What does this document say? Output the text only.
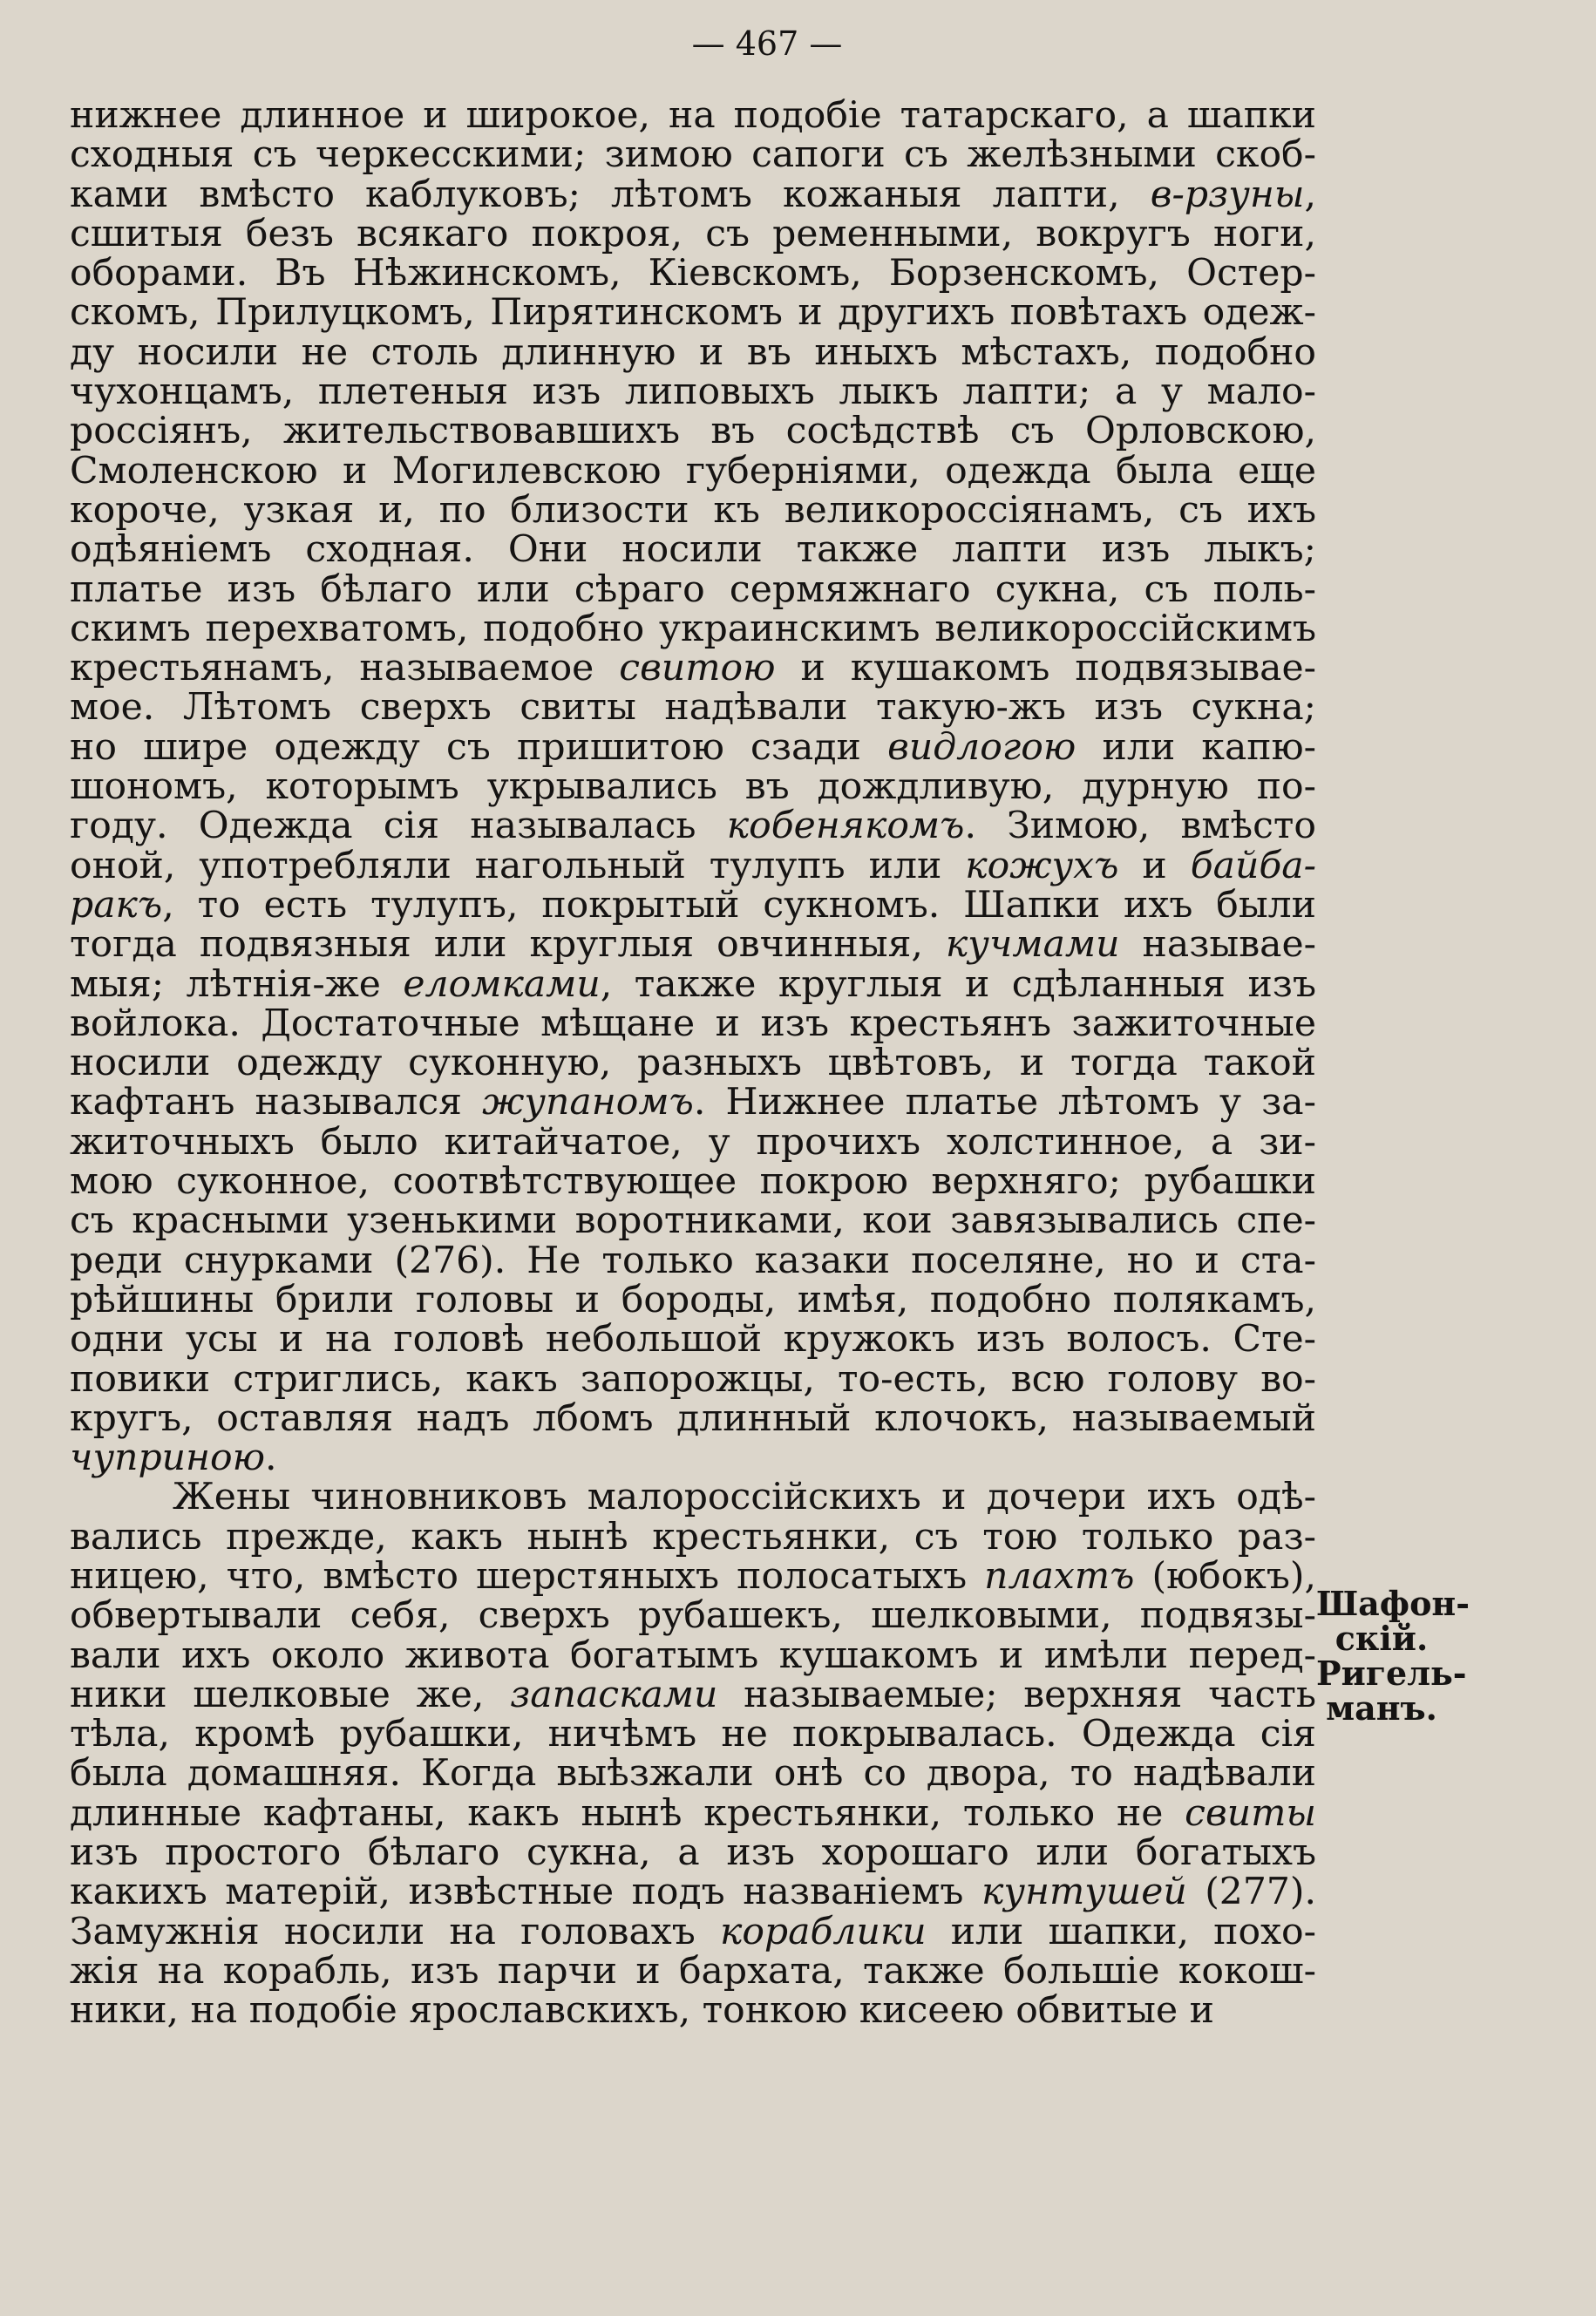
— 467 —
нижнее длинное и широкое, на подобіе татарскаго, а шапки
сходныя съ черкесскими; зимою сапоги съ желѣзными скоб-
ками вмѣсто каблуковъ; лѣтомъ кожаныя лапти, в-рзуны,
сшитыя безъ всякаго покроя, съ ременными, вокругъ ноги,
оборами. Въ Нѣжинскомъ, Кіевскомъ, Борзенскомъ, Остер-
скомъ, Прилуцкомъ, Пирятинскомъ и другихъ повѣтахъ одеж-
ду носили не столь длинную и въ иныхъ мѣстахъ, подобно
чухонцамъ, плетеныя изъ липовыхъ лыкъ лапти; а у мало-
россіянъ, жительствовавшихъ въ сосѣдствѣ съ Орловскою,
Смоленскою и Могилевскою губерніями, одежда была еще
короче, узкая и, по близости къ великороссіянамъ, съ ихъ
одѣяніемъ сходная. Они носили также лапти изъ лыкъ;
платье изъ бѣлаго или сѣраго сермяжнаго сукна, съ поль-
скимъ перехватомъ, подобно украинскимъ великороссійскимъ
крестьянамъ, называемое свитою и кушакомъ подвязывае-
мое. Лѣтомъ сверхъ свиты надѣвали такую-жъ изъ сукна;
но шире одежду съ пришитою сзади видлогою или капю-
шономъ, которымъ укрывались въ дождливую, дурную по-
году. Одежда сія называлась кобенякомъ. Зимою, вмѣсто
оной, употребляли нагольный тулупъ или кожухъ и байба-
ракъ, то есть тулупъ, покрытый сукномъ. Шапки ихъ были
тогда подвязныя или круглыя овчинныя, кучмами называе-
мыя; лѣтнія-же еломками, также круглыя и сдѣланныя изъ
войлока. Достаточные мѣщане и изъ крестьянъ зажиточные
носили одежду суконную, разныхъ цвѣтовъ, и тогда такой
кафтанъ назывался жупаномъ. Нижнее платье лѣтомъ у за-
житочныхъ было китайчатое, у прочихъ холстинное, а зи-
мою суконное, соотвѣтствующее покрою верхняго; рубашки
съ красными узенькими воротниками, кои завязывались спе-
реди снурками (276). Не только казаки поселяне, но и ста-
рѣйшины брили головы и бороды, имѣя, подобно полякамъ,
одни усы и на головѣ небольшой кружокъ изъ волосъ. Сте-
повики стриглись, какъ запорожцы, то-есть, всю голову во-
кругъ, оставляя надъ лбомъ длинный клочокъ, называемый
чуприною.
Жены чиновниковъ малороссійскихъ и дочери ихъ одѣ-
вались прежде, какъ нынѣ крестьянки, съ тою только раз-
ницею, что, вмѣсто шерстяныхъ полосатыхъ плахтъ (юбокъ),
обвертывали себя, сверхъ рубашекъ, шелковыми, подвязы-
вали ихъ около живота богатымъ кушакомъ и имѣли перед-
ники шелковые же, запасками называемые; верхняя часть
тѣла, кромѣ рубашки, ничѣмъ не покрывалась. Одежда сія
была домашняя. Когда выѣзжали онѣ со двора, то надѣвали
длинные кафтаны, какъ нынѣ крестьянки, только не свиты
изъ простого бѣлаго сукна, а изъ хорошаго или богатыхъ
какихъ матерій, извѣстные подъ названіемъ кунтушей (277).
Замужнія носили на головахъ кораблики или шапки, похо-
жія на корабль, изъ парчи и бархата, также большіе кокош-
ники, на подобіе ярославскихъ, тонкою кисеею обвитые и
Шафон-
скій.
Ригель-
манъ.
